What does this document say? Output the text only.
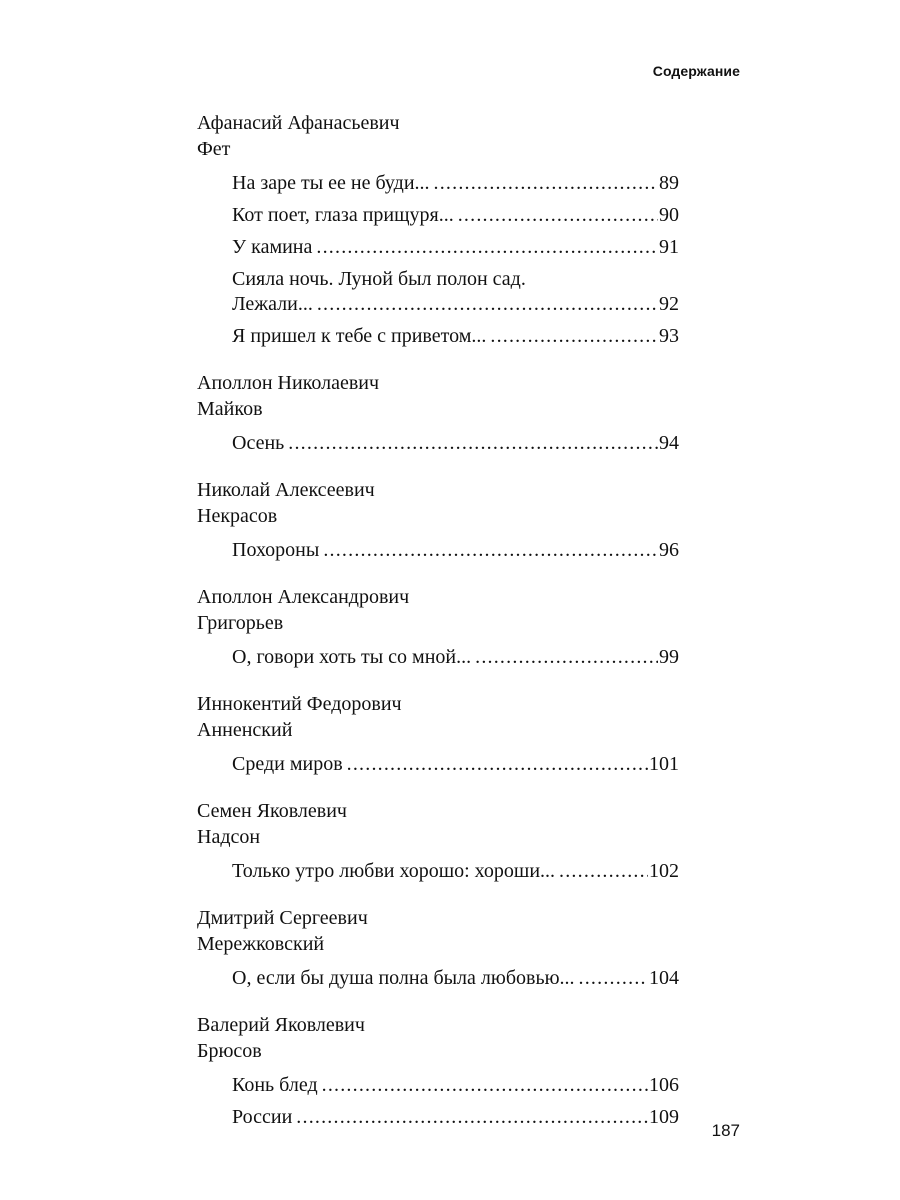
Содержание
Афанасий Афанасьевич
Фет
На заре ты ее не буди... .....	89
Кот поет, глаза прищуря... .....	90
У камина .....	91
Сияла ночь. Луной был полон сад.
Лежали... .....	92
Я пришел к тебе с приветом... .....	93
Аполлон Николаевич
Майков
Осень .....	94
Николай Алексеевич
Некрасов
Похороны .....	96
Аполлон Александрович
Григорьев
О, говори хоть ты со мной... .....	99
Иннокентий Федорович
Анненский
Среди миров .....	101
Семен Яковлевич
Надсон
Только утро любви хорошо: хороши... .....	102
Дмитрий Сергеевич
Мережковский
О, если бы душа полна была любовью... .....	104
Валерий Яковлевич
Брюсов
Конь блед .....	106
России .....	109
187
